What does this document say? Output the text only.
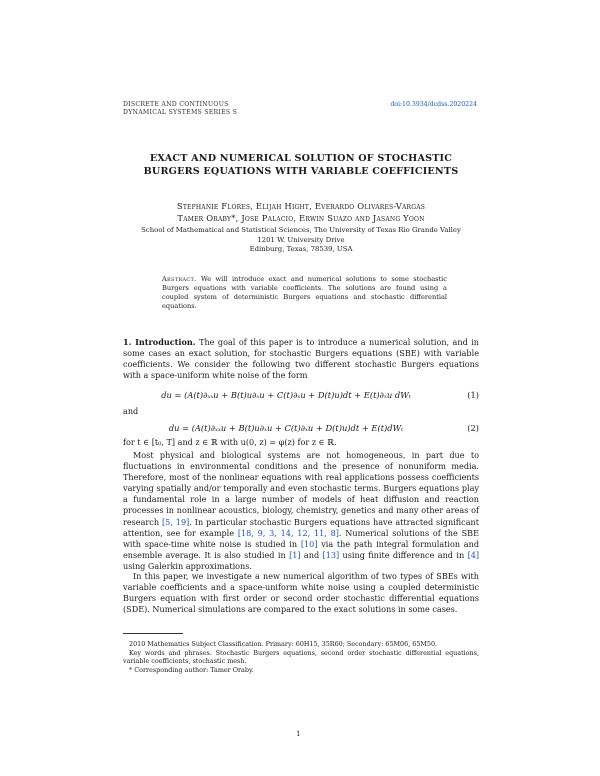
DISCRETE AND CONTINUOUS
DYNAMICAL SYSTEMS SERIES S
doi:10.3934/dcdss.2020224
EXACT AND NUMERICAL SOLUTION OF STOCHASTIC
BURGERS EQUATIONS WITH VARIABLE COEFFICIENTS
Stephanie Flores, Elijah Hight, Everardo Olivares-Vargas
Tamer Oraby*, Jose Palacio, Erwin Suazo and Jasang Yoon
School of Mathematical and Statistical Sciences, The University of Texas Rio Grande Valley
1201 W. University Drive
Edinburg, Texas, 78539, USA
Abstract. We will introduce exact and numerical solutions to some stochastic Burgers equations with variable coefficients. The solutions are found using a coupled system of deterministic Burgers equations and stochastic differential equations.
1. Introduction. The goal of this paper is to introduce a numerical solution, and in some cases an exact solution, for stochastic Burgers equations (SBE) with variable coefficients. We consider the following two different stochastic Burgers equations with a space-uniform white noise of the form
du = (A(t)∂ₓₓu + B(t)u∂ₓu + C(t)∂ₓu + D(t)u)dt + E(t)∂ₓu dWₜ	(1)
and
du = (A(t)∂ₓₓu + B(t)u∂ₓu + C(t)∂ₓu + D(t)u)dt + E(t)dWₜ	(2)
for t ∈ [t₀, T] and z ∈ ℝ with u(0, z) = φ(z) for z ∈ ℝ.
Most physical and biological systems are not homogeneous, in part due to fluctuations in environmental conditions and the presence of nonuniform media. Therefore, most of the nonlinear equations with real applications possess coefficients varying spatially and/or temporally and even stochastic terms. Burgers equations play a fundamental role in a large number of models of heat diffusion and reaction processes in nonlinear acoustics, biology, chemistry, genetics and many other areas of research [5, 19]. In particular stochastic Burgers equations have attracted significant attention, see for example [18, 9, 3, 14, 12, 11, 8]. Numerical solutions of the SBE with space-time white noise is studied in [10] via the path integral formulation and ensemble average. It is also studied in [1] and [13] using finite difference and in [4] using Galerkin approximations.
In this paper, we investigate a new numerical algorithm of two types of SBEs with variable coefficients and a space-uniform white noise using a coupled deterministic Burgers equation with first order or second order stochastic differential equations (SDE). Numerical simulations are compared to the exact solutions in some cases.
2010 Mathematics Subject Classification. Primary: 60H15, 35R60; Secondary: 65M06, 65M50.
Key words and phrases. Stochastic Burgers equations, second order stochastic differential equations, variable coefficients, stochastic mesh.
* Corresponding author: Tamer Oraby.
1
